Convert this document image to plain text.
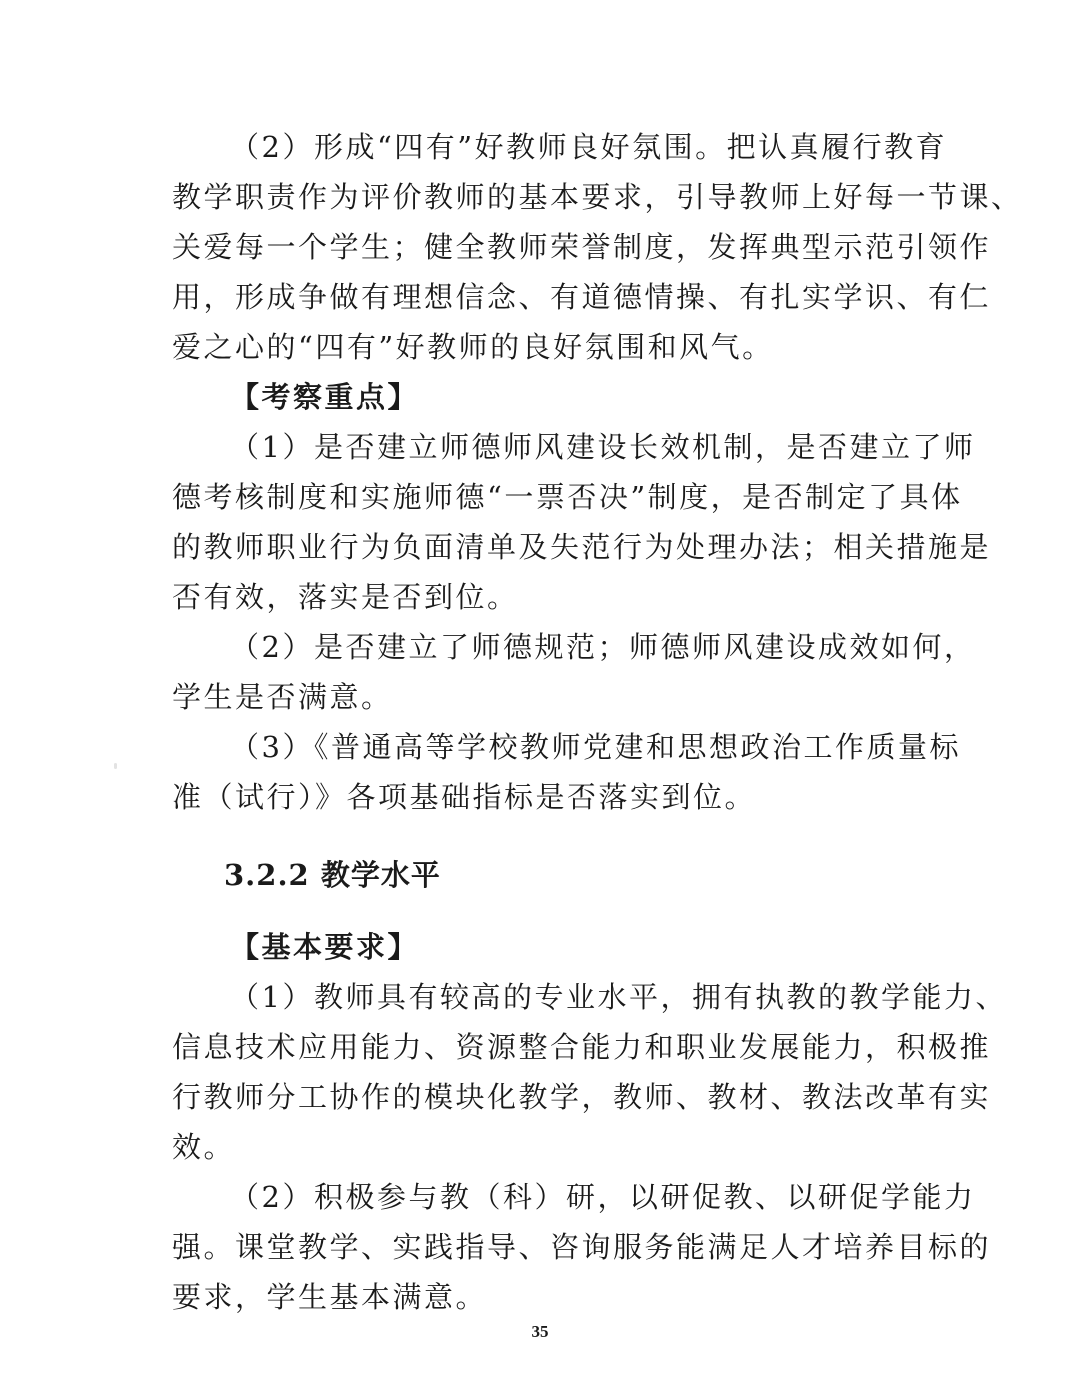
（2）形成“四有”好教师良好氛围。把认真履行教育
教学职责作为评价教师的基本要求，引导教师上好每一节课、
关爱每一个学生；健全教师荣誉制度，发挥典型示范引领作
用，形成争做有理想信念、有道德情操、有扎实学识、有仁
爱之心的“四有”好教师的良好氛围和风气。
【考察重点】
（1）是否建立师德师风建设长效机制，是否建立了师
德考核制度和实施师德“一票否决”制度，是否制定了具体
的教师职业行为负面清单及失范行为处理办法；相关措施是
否有效，落实是否到位。
（2）是否建立了师德规范；师德师风建设成效如何，
学生是否满意。
（3）《普通高等学校教师党建和思想政治工作质量标
准（试行）》各项基础指标是否落实到位。
3.2.2 教学水平
【基本要求】
（1）教师具有较高的专业水平，拥有执教的教学能力、
信息技术应用能力、资源整合能力和职业发展能力，积极推
行教师分工协作的模块化教学，教师、教材、教法改革有实
效。
（2）积极参与教（科）研，以研促教、以研促学能力
强。课堂教学、实践指导、咨询服务能满足人才培养目标的
要求，学生基本满意。
35
